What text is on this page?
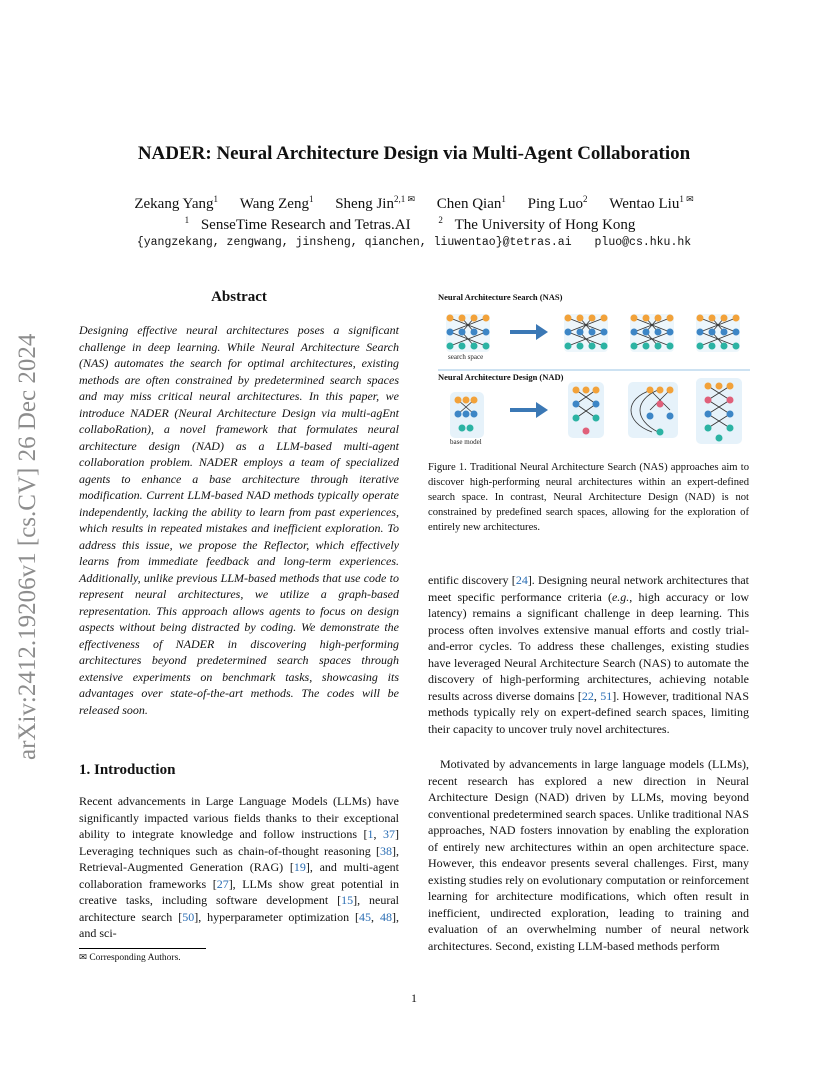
NADER: Neural Architecture Design via Multi-Agent Collaboration
Zekang Yang$^1$ Wang Zeng$^1$ Sheng Jin$^{2,1 ✉}$ Chen Qian$^1$ Ping Luo$^2$ Wentao Liu$^{1 ✉}$
$^1$ SenseTime Research and Tetras.AI	$^2$ The University of Hong Kong
{yangzekang, zengwang, jinsheng, qianchen, liuwentao}@tetras.ai pluo@cs.hku.hk
arXiv:2412.19206v1 [cs.CV] 26 Dec 2024
Abstract

Designing effective neural architectures poses a significant challenge in deep learning. While Neural Architecture Search (NAS) automates the search for optimal architectures, existing methods are often constrained by predetermined search spaces and may miss critical neural architectures. In this paper, we introduce NADER (Neural Architecture Design via multi-agEnt collaboRation), a novel framework that formulates neural architecture design (NAD) as a LLM-based multi-agent collaboration problem. NADER employs a team of specialized agents to enhance a base architecture through iterative modification. Current LLM-based NAD methods typically operate independently, lacking the ability to learn from past experiences, which results in repeated mistakes and inefficient exploration. To address this issue, we propose the Reflector, which effectively learns from immediate feedback and long-term experiences. Additionally, unlike previous LLM-based methods that use code to represent neural architectures, we utilize a graph-based representation. This approach allows agents to focus on design aspects without being distracted by coding. We demonstrate the effectiveness of NADER in discovering high-performing architectures beyond predetermined search spaces through extensive experiments on benchmark tasks, showcasing its advantages over state-of-the-art methods. The codes will be released soon.

1. Introduction

Recent advancements in Large Language Models (LLMs) have significantly impacted various fields thanks to their exceptional ability to integrate knowledge and follow instructions [1, 37] Leveraging techniques such as chain-of-thought reasoning [38], Retrieval-Augmented Generation (RAG) [19], and multi-agent collaboration frameworks [27], LLMs show great potential in creative tasks, including software development [15], neural architecture search [50], hyperparameter optimization [45, 48], and sci-

✉ Corresponding Authors.
Neural Architecture Search (NAS)
search space
Neural Architecture Design (NAD)
base model

Figure 1. Traditional Neural Architecture Search (NAS) approaches aim to discover high-performing neural architectures within an expert-defined search space. In contrast, Neural Architecture Design (NAD) is not constrained by predefined search spaces, allowing for the exploration of entirely new architectures.

entific discovery [24]. Designing neural network architectures that meet specific performance criteria (e.g., high accuracy or low latency) remains a significant challenge in deep learning. This process often involves extensive manual efforts and costly trial-and-error cycles. To address these challenges, existing studies have leveraged Neural Architecture Search (NAS) to automate the discovery of high-performing architectures, achieving notable results across diverse domains [22, 51]. However, traditional NAS methods typically rely on expert-defined search spaces, limiting their capacity to uncover truly novel architectures.

Motivated by advancements in large language models (LLMs), recent research has explored a new direction in Neural Architecture Design (NAD) driven by LLMs, moving beyond conventional predetermined search spaces. Unlike traditional NAS approaches, NAD fosters innovation by enabling the exploration of entirely new architectures within an open architecture space. However, this endeavor presents several challenges. First, many existing studies rely on evolutionary computation or reinforcement learning for architecture modifications, which often result in inefficient, undirected exploration, leading to training and evaluation of an overwhelming number of neural network architectures. Second, existing LLM-based methods perform

1
